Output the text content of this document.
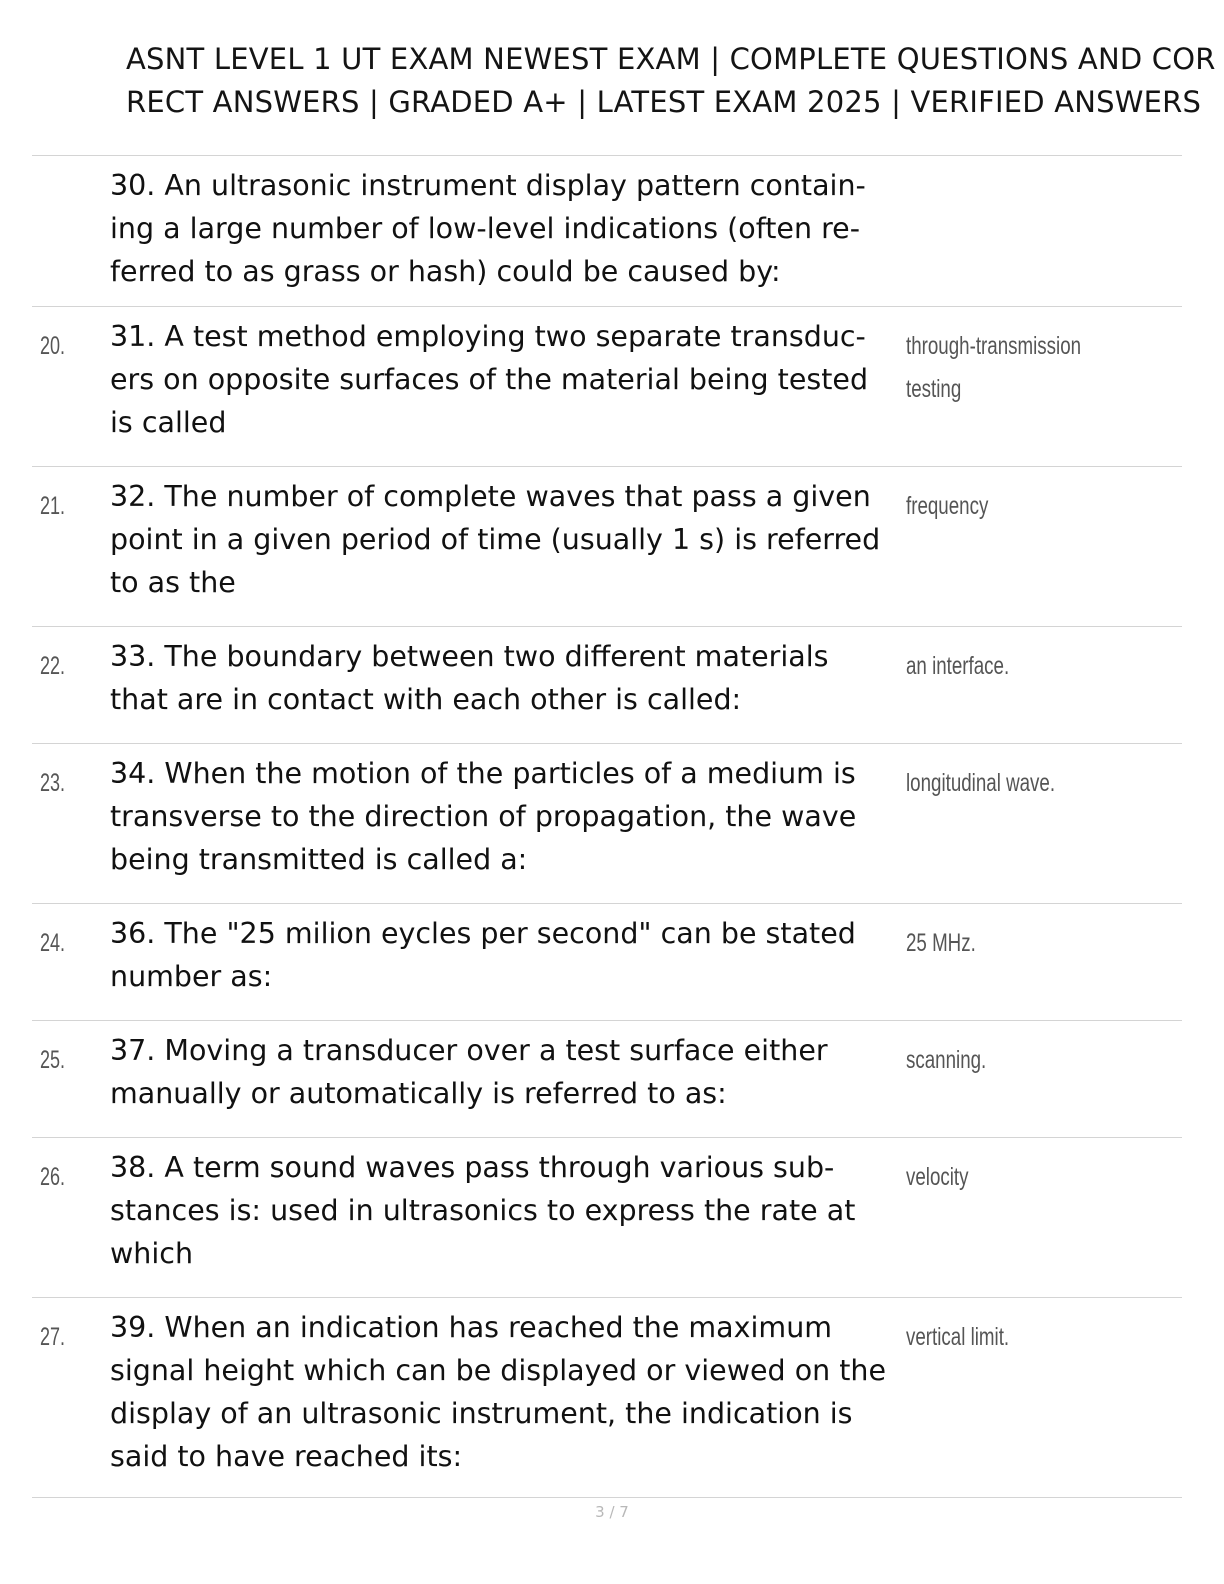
ASNT LEVEL 1 UT EXAM NEWEST EXAM | COMPLETE QUESTIONS AND COR
RECT ANSWERS | GRADED A+ | LATEST EXAM 2025 | VERIFIED ANSWERS
30. An ultrasonic instrument display pattern contain-
ing a large number of low-level indications (often re-
ferred to as grass or hash) could be caused by:
20. 31. A test method employing two separate transduc-
ers on opposite surfaces of the material being tested
is called
through-transmission
testing
21. 32. The number of complete waves that pass a given
point in a given period of time (usually 1 s) is referred
to as the
frequency
22. 33. The boundary between two different materials
that are in contact with each other is called:
an interface.
23. 34. When the motion of the particles of a medium is
transverse to the direction of propagation, the wave
being transmitted is called a:
longitudinal wave.
24. 36. The "25 milion eycles per second" can be stated
number as:
25 MHz.
25. 37. Moving a transducer over a test surface either
manually or automatically is referred to as:
scanning.
26. 38. A term sound waves pass through various sub-
stances is: used in ultrasonics to express the rate at
which
velocity
27. 39. When an indication has reached the maximum
signal height which can be displayed or viewed on the
display of an ultrasonic instrument, the indication is
said to have reached its:
vertical limit.
3 / 7
